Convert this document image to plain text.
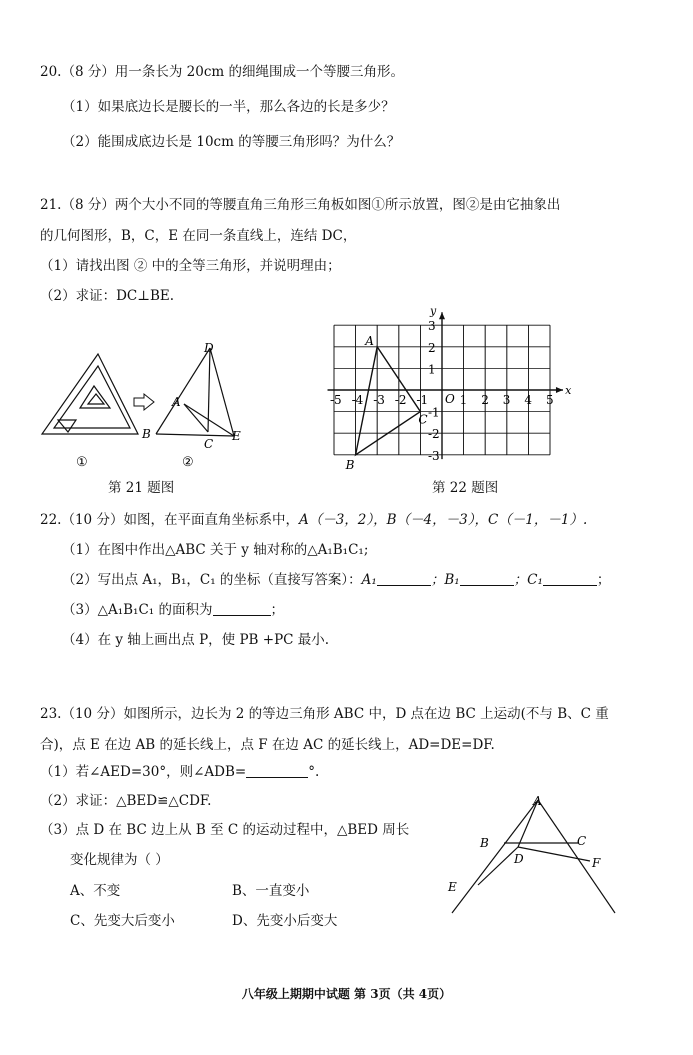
20.（8 分）用一条长为 20cm 的细绳围成一个等腰三角形。
（1）如果底边长是腰长的一半，那么各边的长是多少？
（2）能围成底边长是 10cm 的等腰三角形吗？为什么？
21.（8 分）两个大小不同的等腰直角三角形三角板如图①所示放置，图②是由它抽象出
的几何图形，B，C，E 在同一条直线上，连结 DC，
（1）请找出图 ② 中的全等三角形，并说明理由；
（2）求证：DC⊥BE.
D
A
B
C
E
①	②
第 21 题图
x
y
O
-5 -4 -3 -2 -1	1 2 3 4 5
3
2
1
-1
-2
-3
A
B
C
第 22 题图
22.（10 分）如图，在平面直角坐标系中，A（－3，2），B（－4，－3），C（－1，－1）.
（1）在图中作出△ABC 关于 y 轴对称的△A₁B₁C₁;
（2）写出点 A₁，B₁，C₁ 的坐标（直接写答案）：A₁	；B₁	；C₁	；
（3）△A₁B₁C₁ 的面积为	；
（4）在 y 轴上画出点 P，使 PB +PC 最小.
23.（10 分）如图所示，边长为 2 的等边三角形 ABC 中，D 点在边 BC 上运动(不与 B、C 重
合)，点 E 在边 AB 的延长线上，点 F 在边 AC 的延长线上，AD=DE=DF.
（1）若∠AED=30°，则∠ADB=	°.
（2）求证：△BED≌△CDF.
（3）点 D 在 BC 边上从 B 至 C 的运动过程中，△BED 周长
变化规律为（ ）
A、不变	B、一直变小
C、先变大后变小	D、先变小后变大
A
B	C
D
E
F
八年级上期期中试题 第 3页（共 4页）
